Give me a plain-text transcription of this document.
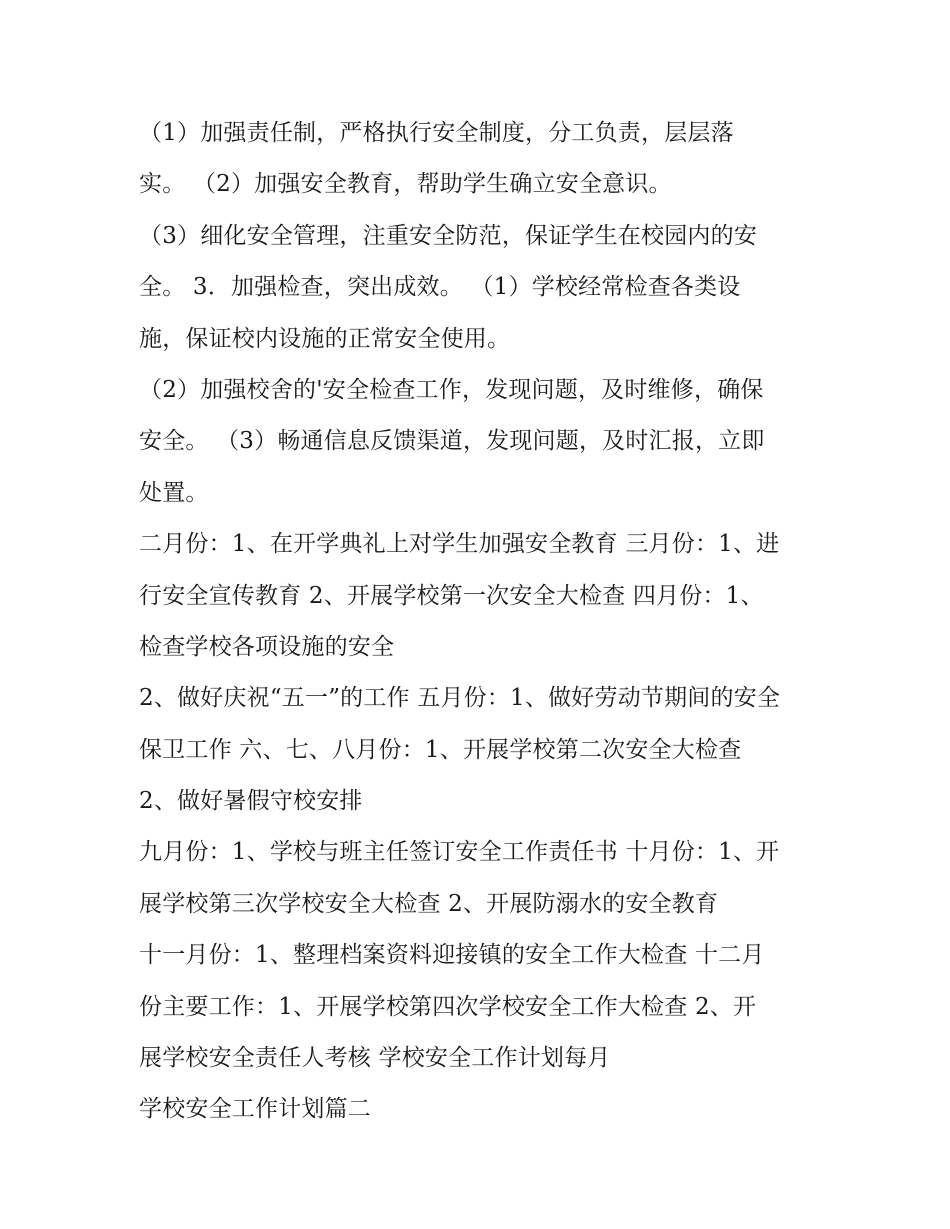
（1）加强责任制，严格执行安全制度，分工负责，层层落
实。 （2）加强安全教育，帮助学生确立安全意识。
（3）细化安全管理，注重安全防范，保证学生在校园内的安
全。 3．加强检查，突出成效。 （1）学校经常检查各类设
施，保证校内设施的正常安全使用。
（2）加强校舍的'安全检查工作，发现问题，及时维修，确保
安全。 （3）畅通信息反馈渠道，发现问题，及时汇报，立即
处置。
二月份：1、在开学典礼上对学生加强安全教育 三月份：1、进
行安全宣传教育 2、开展学校第一次安全大检查 四月份：1、
检查学校各项设施的安全
2、做好庆祝“五一”的工作 五月份：1、做好劳动节期间的安全
保卫工作 六、七、八月份：1、开展学校第二次安全大检查
2、做好暑假守校安排
九月份：1、学校与班主任签订安全工作责任书 十月份：1、开
展学校第三次学校安全大检查 2、开展防溺水的安全教育
十一月份：1、整理档案资料迎接镇的安全工作大检查 十二月
份主要工作：1、开展学校第四次学校安全工作大检查 2、开
展学校安全责任人考核 学校安全工作计划每月
学校安全工作计划篇二
